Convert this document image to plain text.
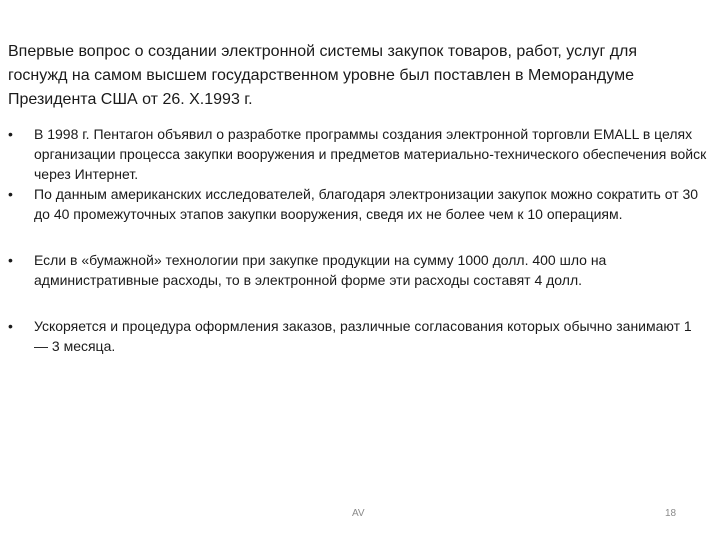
Впервые вопрос о создании электронной системы закупок товаров, работ, услуг для госнужд на самом высшем государственном уровне был поставлен в Меморандуме Президента США от 26. Х.1993 г.

•	В 1998 г. Пентагон объявил о разработке программы создания электронной торговли EMALL в целях организации процесса закупки вооружения и предметов материально-технического обеспечения войск через Интернет.
•	По данным американских исследователей, благодаря электронизации закупок можно сократить от 30 до 40 промежуточных этапов закупки вооружения, сведя их не более чем к 10 операциям.
•	Если в «бумажной» технологии при закупке продукции на сумму 1000 долл. 400 шло на административные расходы, то в электронной форме эти расходы составят 4 долл.
•	Ускоряется и процедура оформления заказов, различные согласования которых обычно занимают 1 — 3 месяца.
AV	18
